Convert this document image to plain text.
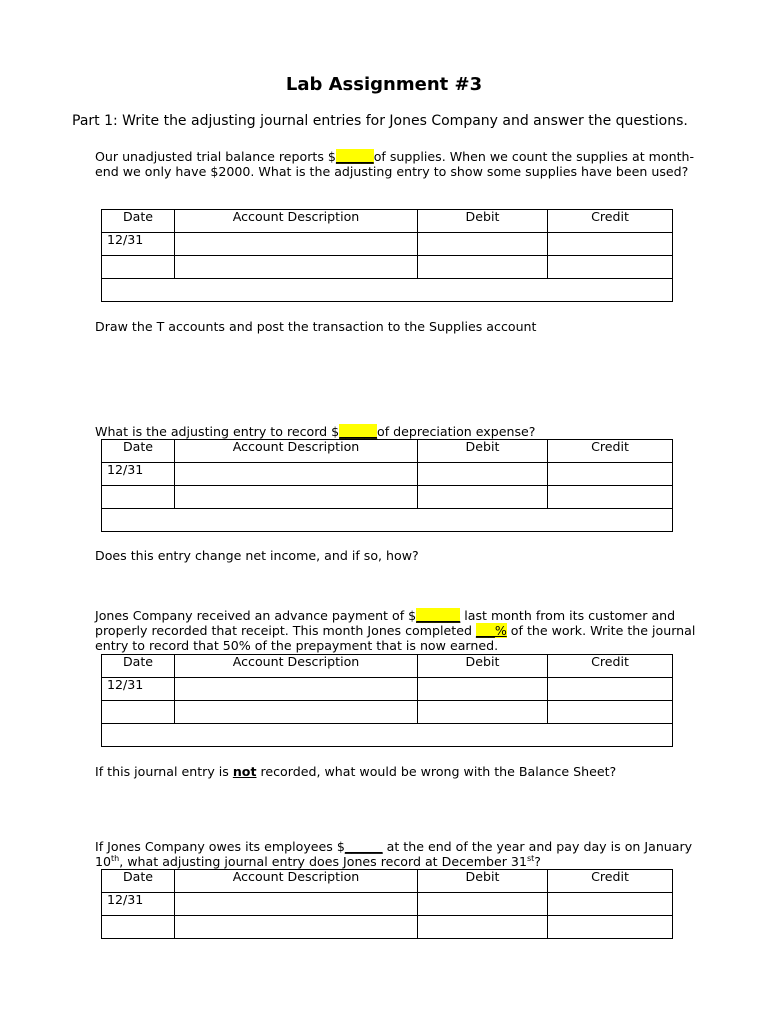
Lab Assignment #3
Part 1: Write the adjusting journal entries for Jones Company and answer the questions.
Our unadjusted trial balance reports $______of supplies. When we count the supplies at month-end we only have $2000. What is the adjusting entry to show some supplies have been used?
Date	Account Description	Debit	Credit
12/31			

Draw the T accounts and post the transaction to the Supplies account
What is the adjusting entry to record $______of depreciation expense?
Date	Account Description	Debit	Credit
12/31			

Does this entry change net income, and if so, how?
Jones Company received an advance payment of $_______ last month from its customer and properly recorded that receipt. This month Jones completed ___% of the work. Write the journal entry to record that 50% of the prepayment that is now earned.
Date	Account Description	Debit	Credit
12/31			

If this journal entry is not recorded, what would be wrong with the Balance Sheet?
If Jones Company owes its employees $______ at the end of the year and pay day is on January 10th, what adjusting journal entry does Jones record at December 31st?
Date	Account Description	Debit	Credit
12/31			
